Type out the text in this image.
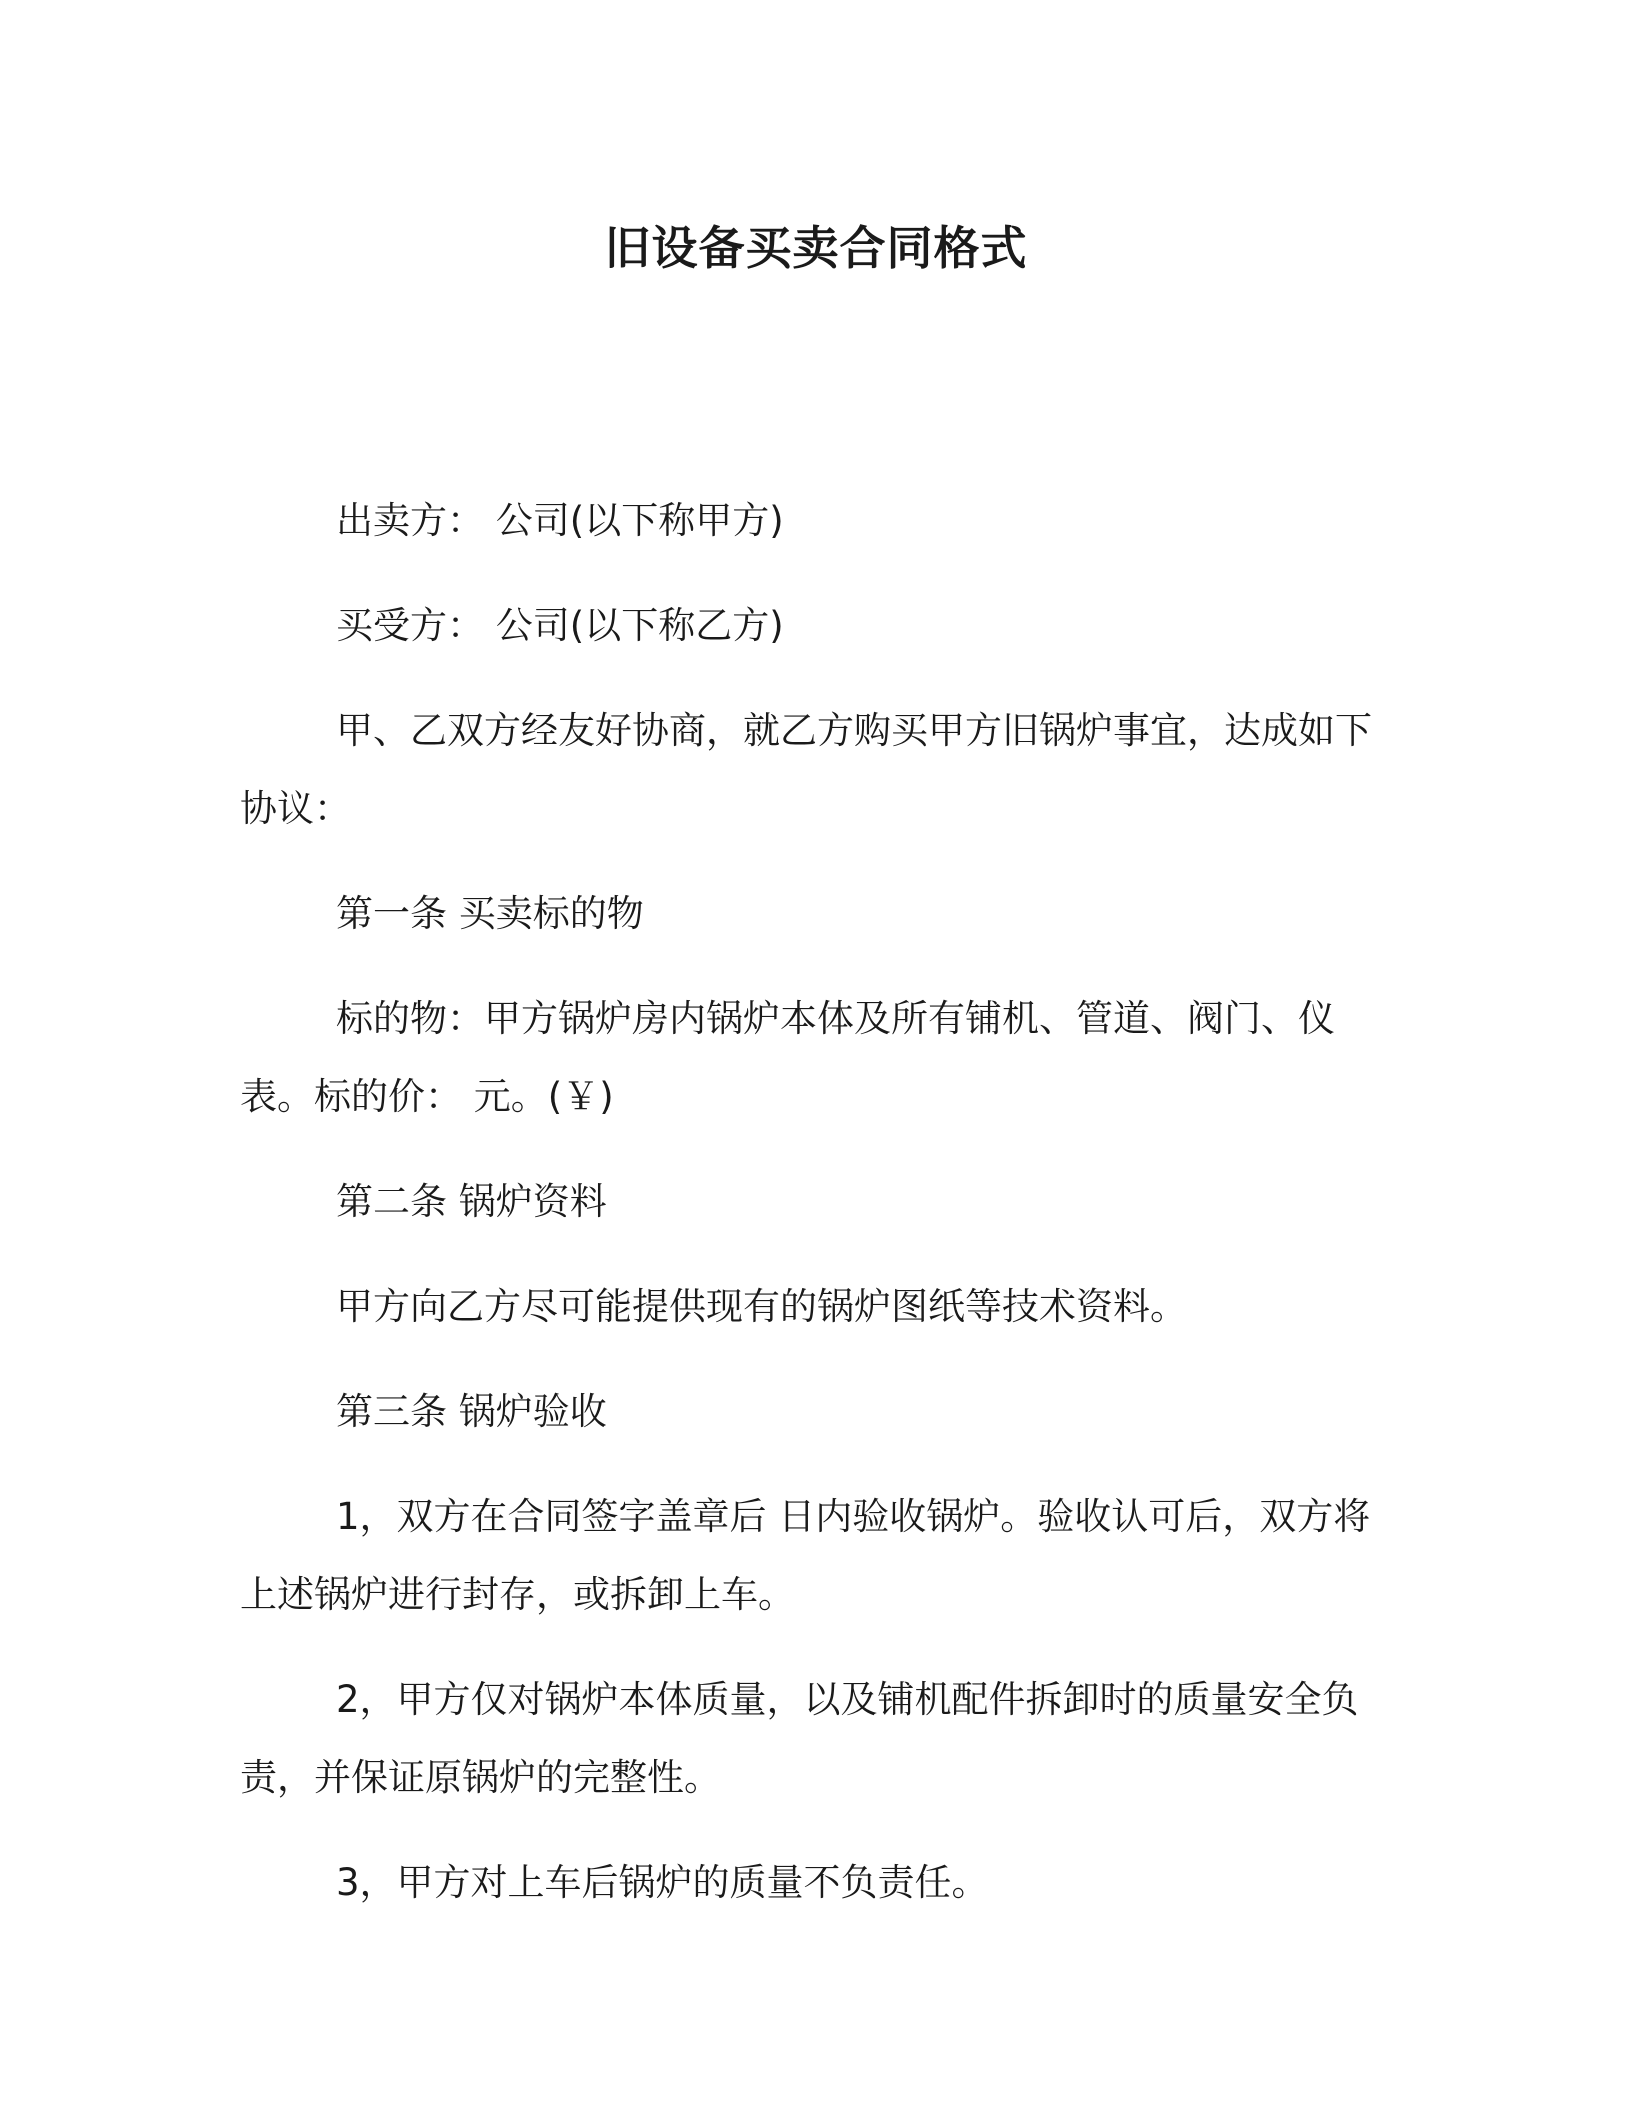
旧设备买卖合同格式

出卖方： 公司(以下称甲方)

买受方： 公司(以下称乙方)

甲、乙双方经友好协商，就乙方购买甲方旧锅炉事宜，达成如下协议：

第一条 买卖标的物

标的物：甲方锅炉房内锅炉本体及所有铺机、管道、阀门、仪表。标的价： 元。(￥)

第二条 锅炉资料

甲方向乙方尽可能提供现有的锅炉图纸等技术资料。

第三条 锅炉验收

1，双方在合同签字盖章后 日内验收锅炉。验收认可后，双方将上述锅炉进行封存，或拆卸上车。

2，甲方仅对锅炉本体质量，以及铺机配件拆卸时的质量安全负责，并保证原锅炉的完整性。

3，甲方对上车后锅炉的质量不负责任。
